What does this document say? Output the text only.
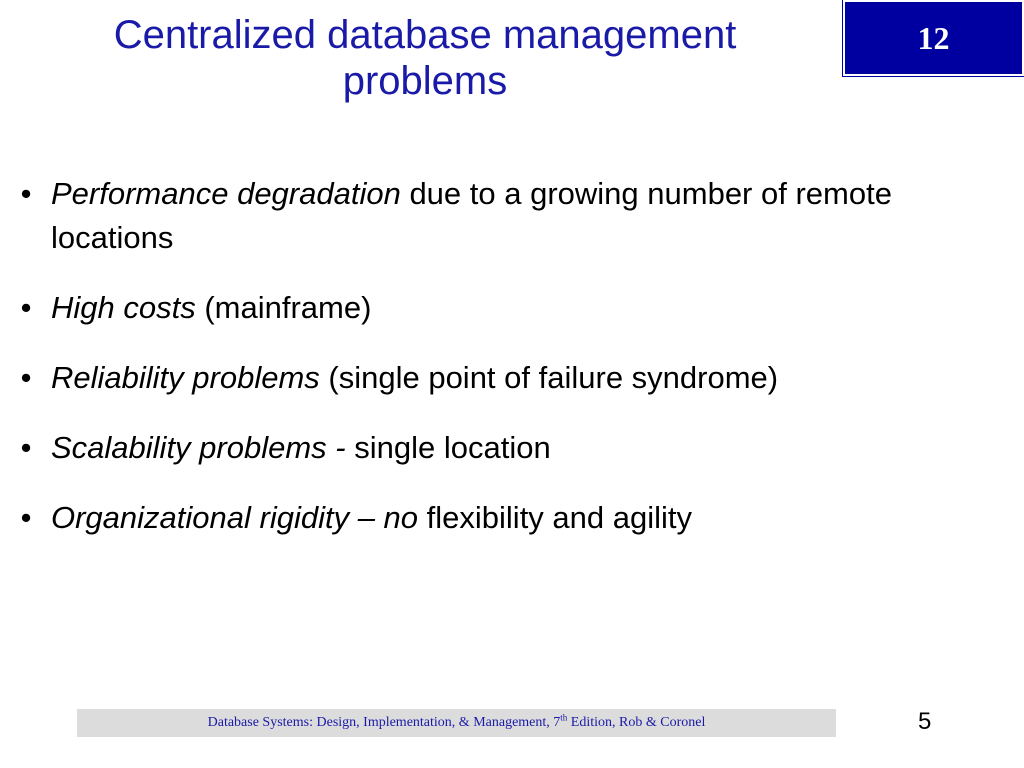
Centralized database management
problems
12
• Performance degradation due to a growing number of remote locations
• High costs (mainframe)
• Reliability problems (single point of failure syndrome)
• Scalability problems - single location
• Organizational rigidity – no flexibility and agility
Database Systems: Design, Implementation, & Management, 7th Edition, Rob & Coronel	5
